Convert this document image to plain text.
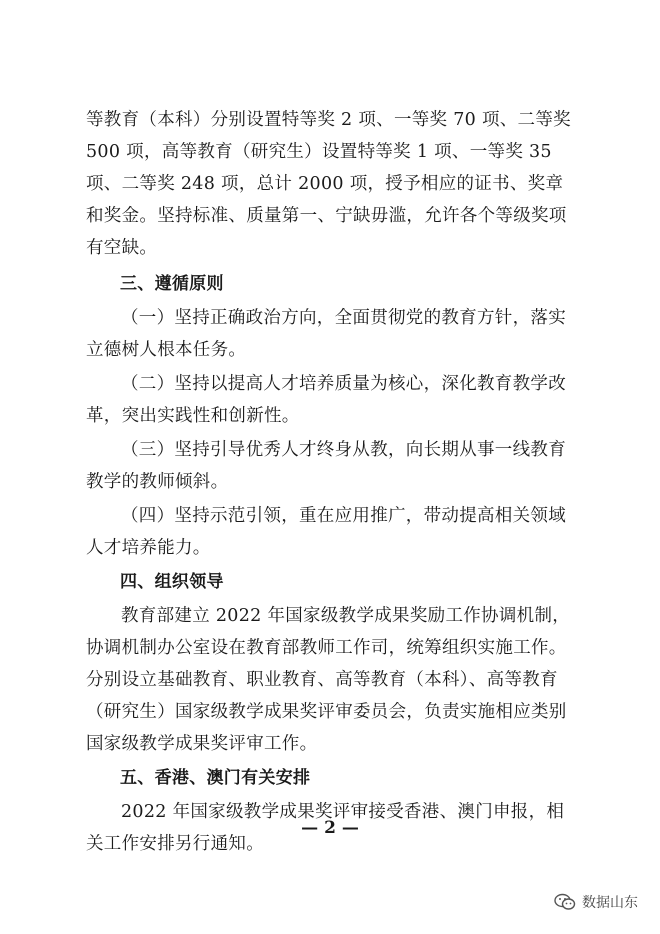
等教育（本科）分别设置特等奖 2 项、一等奖 70 项、二等奖 500 项，高等教育（研究生）设置特等奖 1 项、一等奖 35 项、二等奖 248 项，总计 2000 项，授予相应的证书、奖章和奖金。坚持标准、质量第一、宁缺毋滥，允许各个等级奖项有空缺。

三、遵循原则

（一）坚持正确政治方向，全面贯彻党的教育方针，落实立德树人根本任务。

（二）坚持以提高人才培养质量为核心，深化教育教学改革，突出实践性和创新性。

（三）坚持引导优秀人才终身从教，向长期从事一线教育教学的教师倾斜。

（四）坚持示范引领，重在应用推广，带动提高相关领域人才培养能力。

四、组织领导

教育部建立 2022 年国家级教学成果奖励工作协调机制，协调机制办公室设在教育部教师工作司，统筹组织实施工作。分别设立基础教育、职业教育、高等教育（本科）、高等教育（研究生）国家级教学成果奖评审委员会，负责实施相应类别国家级教学成果奖评审工作。

五、香港、澳门有关安排

2022 年国家级教学成果奖评审接受香港、澳门申报，相关工作安排另行通知。

— 2 —
数据山东
